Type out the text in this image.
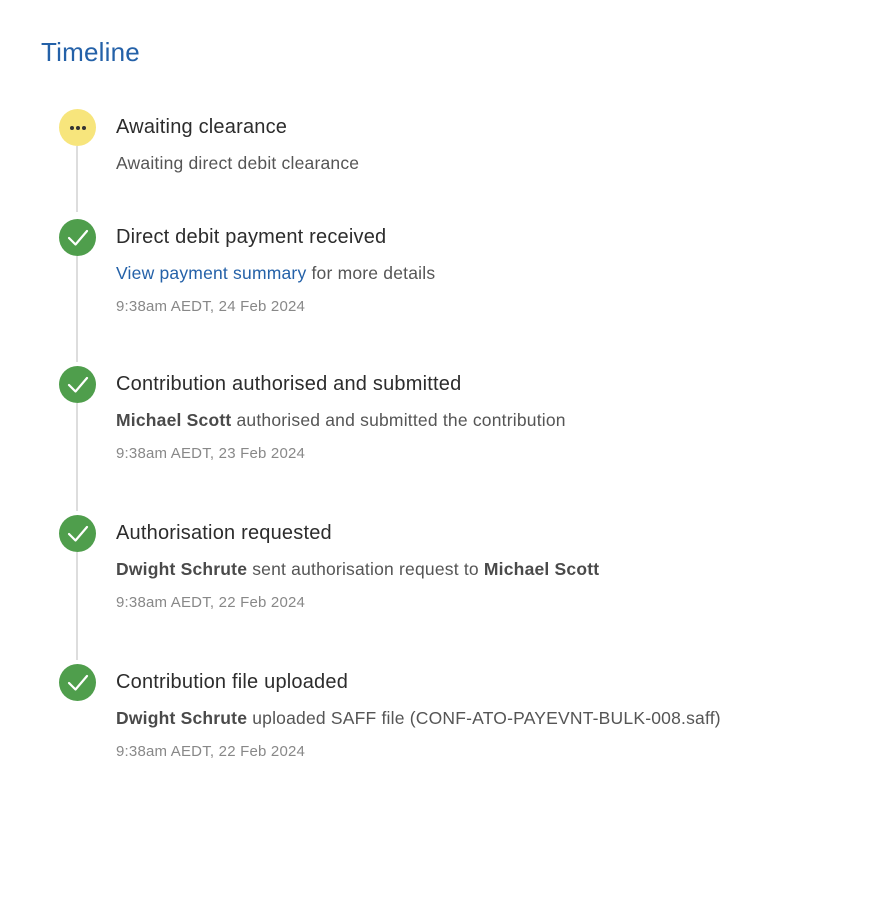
Timeline
Awaiting clearance
Awaiting direct debit clearance
Direct debit payment received
View payment summary for more details
9:38am AEDT, 24 Feb 2024
Contribution authorised and submitted
Michael Scott authorised and submitted the contribution
9:38am AEDT, 23 Feb 2024
Authorisation requested
Dwight Schrute sent authorisation request to Michael Scott
9:38am AEDT, 22 Feb 2024
Contribution file uploaded
Dwight Schrute uploaded SAFF file (CONF-ATO-PAYEVNT-BULK-008.saff)
9:38am AEDT, 22 Feb 2024
